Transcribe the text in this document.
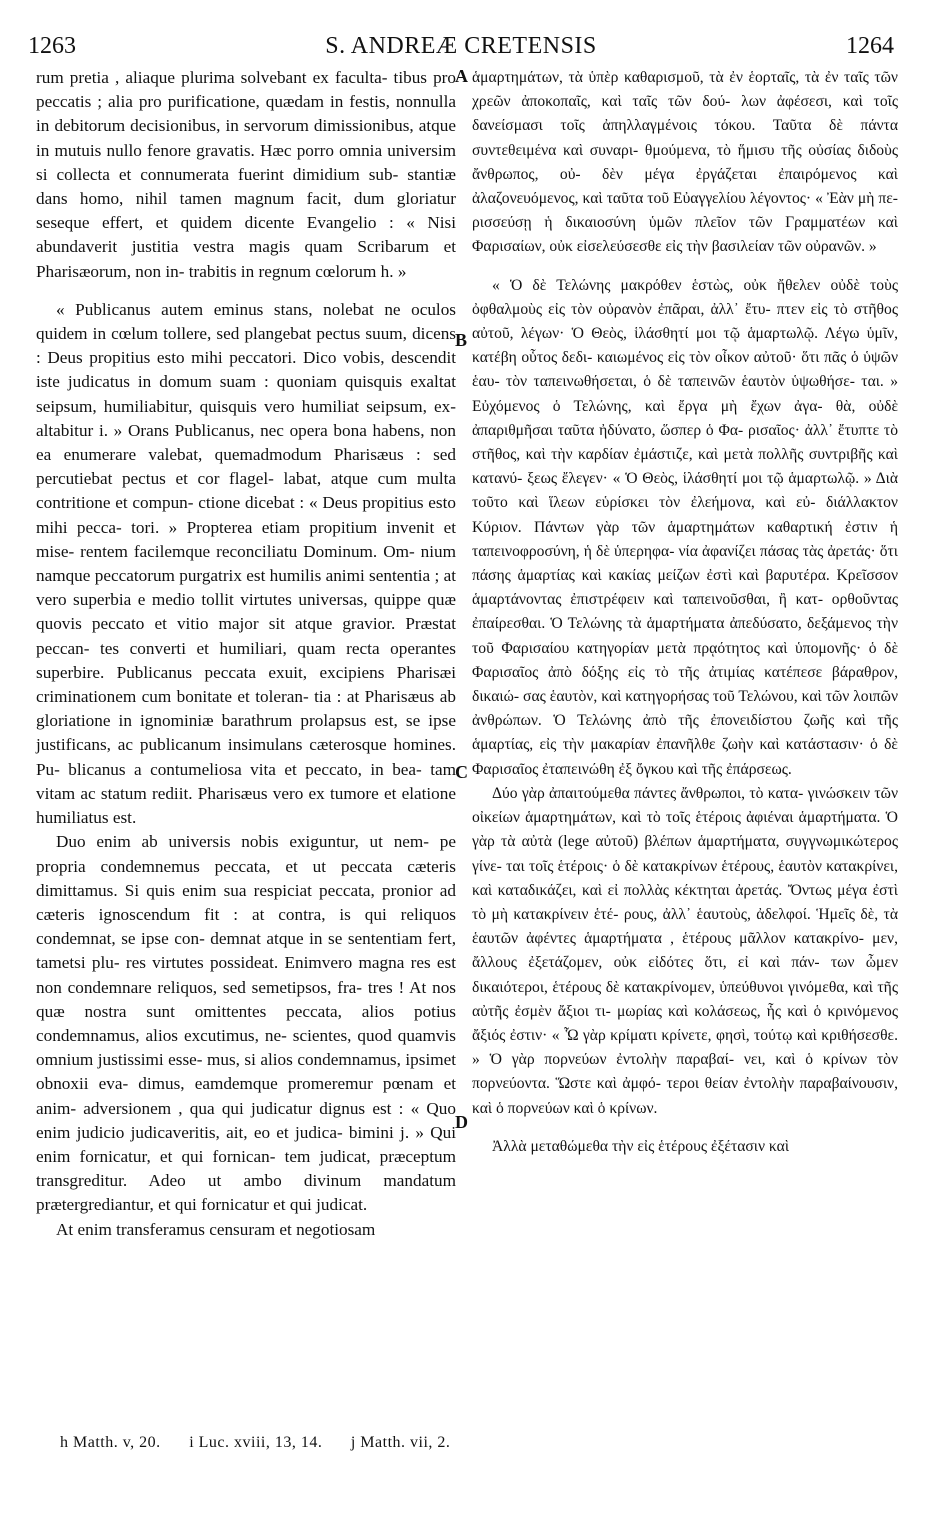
1263	S. ANDREÆ CRETENSIS	1264

rum pretia , aliaque plurima solvebant ex faculta- tibus pro peccatis ; alia pro purificatione, quædam in festis, nonnulla in debitorum decisionibus, in servorum dimissionibus, atque in mutuis nullo fenore gravatis. Hæc porro omnia universim si collecta et connumerata fuerint dimidium sub- stantiæ dans homo, nihil tamen magnum facit, dum gloriatur seseque effert, et quidem dicente Evangelio : « Nisi abundaverit justitia vestra magis quam Scribarum et Pharisæorum, non in- trabitis in regnum cœlorum h. »

« Publicanus autem eminus stans, nolebat ne oculos quidem in cœlum tollere, sed plangebat pectus suum, dicens : Deus propitius esto mihi peccatori. Dico vobis, descendit iste judicatus in domum suam : quoniam quisquis exaltat seipsum, humiliabitur, quisquis vero humiliat seipsum, ex- altabitur i. » Orans Publicanus, nec opera bona habens, non ea enumerare valebat, quemadmodum Pharisæus : sed percutiebat pectus et cor flagel- labat, atque cum multa contritione et compun- ctione dicebat : « Deus propitius esto mihi pecca- tori. » Propterea etiam propitium invenit et mise- rentem facilemque reconciliatu Dominum. Om- nium namque peccatorum purgatrix est humilis animi sententia ; at vero superbia e medio tollit virtutes universas, quippe quæ quovis peccato et vitio major sit atque gravior. Præstat peccan- tes converti et humiliari, quam recta operantes superbire. Publicanus peccata exuit, excipiens Pharisæi criminationem cum bonitate et toleran- tia : at Pharisæus ab gloriatione in ignominiæ barathrum prolapsus est, se ipse justificans, ac publicanum insimulans cæterosque homines. Pu- blicanus a contumeliosa vita et peccato, in bea- tam vitam ac statum rediit. Pharisæus vero ex tumore et elatione humiliatus est.

Duo enim ab universis nobis exiguntur, ut nem- pe propria condemnemus peccata, et ut peccata cæteris dimittamus. Si quis enim sua respiciat peccata, pronior ad cæteris ignoscendum fit : at contra, is qui reliquos condemnat, se ipse con- demnat atque in se sententiam fert, tametsi plu- res virtutes possideat. Enimvero magna res est non condemnare reliquos, sed semetipsos, fra- tres ! At nos quæ nostra sunt omittentes peccata, alios potius condemnamus, alios excutimus, ne- scientes, quod quamvis omnium justissimi esse- mus, si alios condemnamus, ipsimet obnoxii eva- dimus, eamdemque promeremur pœnam et anim- adversionem , qua qui judicatur dignus est : « Quo enim judicio judicaveritis, ait, eo et judica- bimini j. » Qui enim fornicatur, et qui fornican- tem judicat, præceptum transgreditur. Adeo ut ambo divinum mandatum prætergrediantur, et qui fornicatur et qui judicat.

At enim transferamus censuram et negotiosam

A
B
C
D

ἁμαρτημάτων, τὰ ὑπὲρ καθαρισμοῦ, τὰ ἐν ἑορταῖς, τὰ ἐν ταῖς τῶν χρεῶν ἀποκοπαῖς, καὶ ταῖς τῶν δού- λων ἀφέσεσι, καὶ τοῖς δανείσμασι τοῖς ἀπηλλαγμένοις τόκου. Ταῦτα δὲ πάντα συντεθειμένα καὶ συναρι- θμούμενα, τὸ ἥμισυ τῆς οὐσίας διδοὺς ἄνθρωπος, οὐ- δὲν μέγα ἐργάζεται ἐπαιρόμενος καὶ ἀλαζονευόμενος, καὶ ταῦτα τοῦ Εὐαγγελίου λέγοντος· « Ἐὰν μὴ πε- ρισσεύσῃ ἡ δικαιοσύνη ὑμῶν πλεῖον τῶν Γραμματέων καὶ Φαρισαίων, οὐκ εἰσελεύσεσθε εἰς τὴν βασιλείαν τῶν οὐρανῶν. »

« Ὁ δὲ Τελώνης μακρόθεν ἑστὼς, οὐκ ἤθελεν οὐδὲ τοὺς ὀφθαλμοὺς εἰς τὸν οὐρανὸν ἐπᾶραι, ἀλλ᾽ ἔτυ- πτεν εἰς τὸ στῆθος αὐτοῦ, λέγων· Ὁ Θεὸς, ἱλάσθητί μοι τῷ ἁμαρτωλῷ. Λέγω ὑμῖν, κατέβη οὗτος δεδι- καιωμένος εἰς τὸν οἶκον αὐτοῦ· ὅτι πᾶς ὁ ὑψῶν ἑαυ- τὸν ταπεινωθήσεται, ὁ δὲ ταπεινῶν ἑαυτὸν ὑψωθήσε- ται. » Εὐχόμενος ὁ Τελώνης, καὶ ἔργα μὴ ἔχων ἀγα- θὰ, οὐδὲ ἀπαριθμῆσαι ταῦτα ἠδύνατο, ὥσπερ ὁ Φα- ρισαῖος· ἀλλ᾽ ἔτυπτε τὸ στῆθος, καὶ τὴν καρδίαν ἐμάστιζε, καὶ μετὰ πολλῆς συντριβῆς καὶ κατανύ- ξεως ἔλεγεν· « Ὁ Θεὸς, ἱλάσθητί μοι τῷ ἁμαρτωλῷ. » Διὰ τοῦτο καὶ ἵλεων εὑρίσκει τὸν ἐλεήμονα, καὶ εὐ- διάλλακτον Κύριον. Πάντων γὰρ τῶν ἁμαρτημάτων καθαρτική ἐστιν ἡ ταπεινοφροσύνη, ἡ δὲ ὑπερηφα- νία ἀφανίζει πάσας τὰς ἀρετάς· ὅτι πάσης ἁμαρτίας καὶ κακίας μείζων ἐστὶ καὶ βαρυτέρα. Κρεῖσσον ἁμαρτάνοντας ἐπιστρέφειν καὶ ταπεινοῦσθαι, ἢ κατ- ορθοῦντας ἐπαίρεσθαι. Ὁ Τελώνης τὰ ἁμαρτήματα ἀπεδύσατο, δεξάμενος τὴν τοῦ Φαρισαίου κατηγορίαν μετὰ πρᾳότητος καὶ ὑπομονῆς· ὁ δὲ Φαρισαῖος ἀπὸ δόξης εἰς τὸ τῆς ἀτιμίας κατέπεσε βάραθρον, δικαιώ- σας ἑαυτὸν, καὶ κατηγορήσας τοῦ Τελώνου, καὶ τῶν λοιπῶν ἀνθρώπων. Ὁ Τελώνης ἀπὸ τῆς ἐπονειδίστου ζωῆς καὶ τῆς ἁμαρτίας, εἰς τὴν μακαρίαν ἐπανῆλθε ζωὴν καὶ κατάστασιν· ὁ δὲ Φαρισαῖος ἐταπεινώθη ἐξ ὄγκου καὶ τῆς ἐπάρσεως.

Δύο γὰρ ἀπαιτούμεθα πάντες ἄνθρωποι, τὸ κατα- γινώσκειν τῶν οἰκείων ἁμαρτημάτων, καὶ τὸ τοῖς ἑτέροις ἀφιέναι ἁμαρτήματα. Ὁ γὰρ τὰ αὐτὰ (lege αὐτοῦ) βλέπων ἁμαρτήματα, συγγνωμικώτερος γίνε- ται τοῖς ἑτέροις· ὁ δὲ κατακρίνων ἑτέρους, ἑαυτὸν κατακρίνει, καὶ καταδικάζει, καὶ εἰ πολλὰς κέκτηται ἀρετάς. Ὄντως μέγα ἐστὶ τὸ μὴ κατακρίνειν ἑτέ- ρους, ἀλλ᾽ ἑαυτοὺς, ἀδελφοί. Ἡμεῖς δὲ, τὰ ἑαυτῶν ἀφέντες ἁμαρτήματα , ἑτέρους μᾶλλον κατακρίνο- μεν, ἄλλους ἐξετάζομεν, οὐκ εἰδότες ὅτι, εἰ καὶ πάν- των ὦμεν δικαιότεροι, ἑτέρους δὲ κατακρίνομεν, ὑπεύθυνοι γινόμεθα, καὶ τῆς αὐτῆς ἐσμὲν ἄξιοι τι- μωρίας καὶ κολάσεως, ἧς καὶ ὁ κρινόμενος ἄξιός ἐστιν· « Ὧ γὰρ κρίματι κρίνετε, φησὶ, τούτῳ καὶ κριθήσεσθε. » Ὁ γὰρ πορνεύων ἐντολὴν παραβαί- νει, καὶ ὁ κρίνων τὸν πορνεύοντα. Ὥστε καὶ ἀμφό- τεροι θείαν ἐντολὴν παραβαίνουσιν, καὶ ὁ πορνεύων καὶ ὁ κρίνων.

Ἀλλὰ μεταθώμεθα τὴν εἰς ἑτέρους ἐξέτασιν καὶ

h Matth. v, 20. i Luc. xviii, 13, 14. j Matth. vii, 2.
